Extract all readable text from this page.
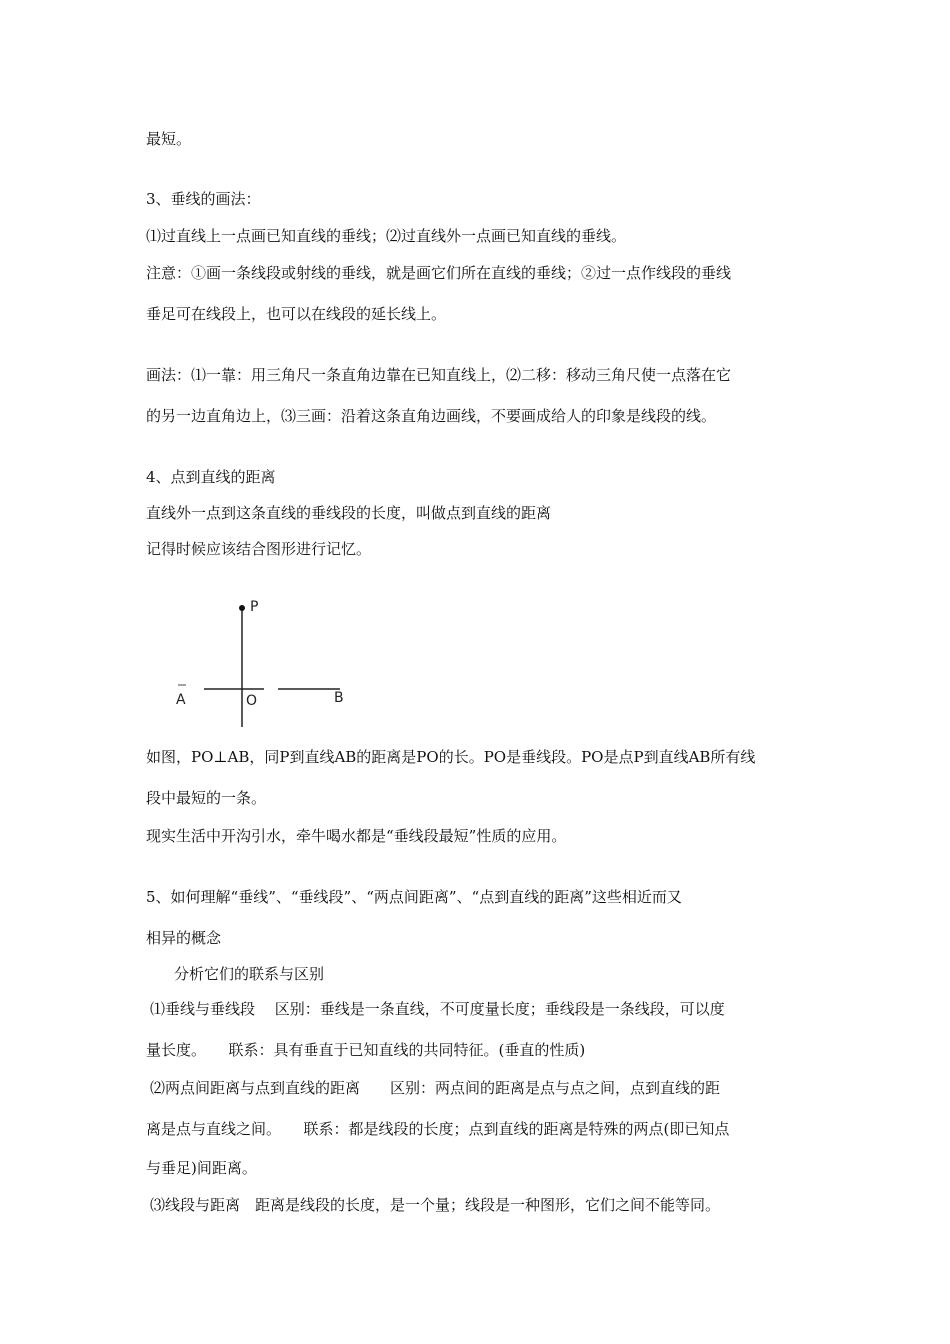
最短。
3、垂线的画法：
⑴过直线上一点画已知直线的垂线；⑵过直线外一点画已知直线的垂线。
注意：①画一条线段或射线的垂线，就是画它们所在直线的垂线；②过一点作线段的垂线
垂足可在线段上，也可以在线段的延长线上。
画法：⑴一靠：用三角尺一条直角边靠在已知直线上，⑵二移：移动三角尺使一点落在它
的另一边直角边上，⑶三画：沿着这条直角边画线，不要画成给人的印象是线段的线。
4、点到直线的距离
直线外一点到这条直线的垂线段的长度，叫做点到直线的距离
记得时候应该结合图形进行记忆。
P
A	O	B
如图，PO⊥AB，同P到直线AB的距离是PO的长。PO是垂线段。PO是点P到直线AB所有线
段中最短的一条。
现实生活中开沟引水，牵牛喝水都是“垂线段最短”性质的应用。
5、如何理解“垂线”、“垂线段”、“两点间距离”、“点到直线的距离”这些相近而又
相异的概念
分析它们的联系与区别
⑴垂线与垂线段　 区别：垂线是一条直线，不可度量长度；垂线段是一条线段，可以度
量长度。　　联系：具有垂直于已知直线的共同特征。(垂直的性质)
⑵两点间距离与点到直线的距离　　区别：两点间的距离是点与点之间，点到直线的距
离是点与直线之间。　　联系：都是线段的长度；点到直线的距离是特殊的两点(即已知点
与垂足)间距离。
⑶线段与距离　距离是线段的长度，是一个量；线段是一种图形，它们之间不能等同。
